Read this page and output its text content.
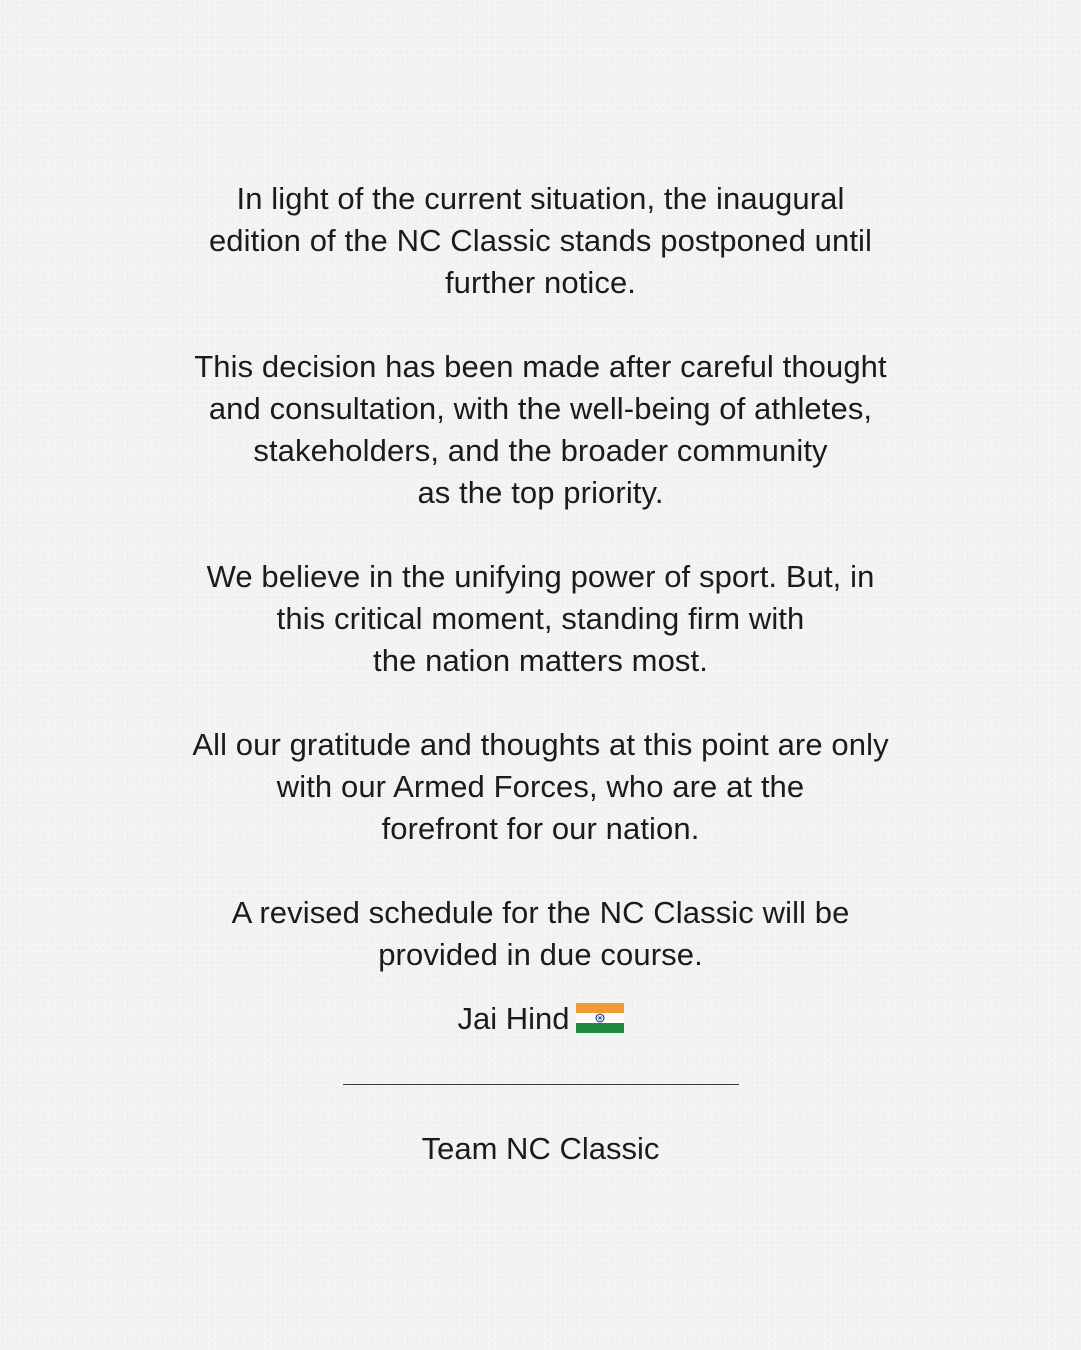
In light of the current situation, the inaugural
edition of the NC Classic stands postponed until
further notice.
This decision has been made after careful thought
and consultation, with the well-being of athletes,
stakeholders, and the broader community
as the top priority.
We believe in the unifying power of sport. But, in
this critical moment, standing firm with
the nation matters most.
All our gratitude and thoughts at this point are only
with our Armed Forces, who are at the
forefront for our nation.
A revised schedule for the NC Classic will be
provided in due course.
Jai Hind
Team NC Classic
